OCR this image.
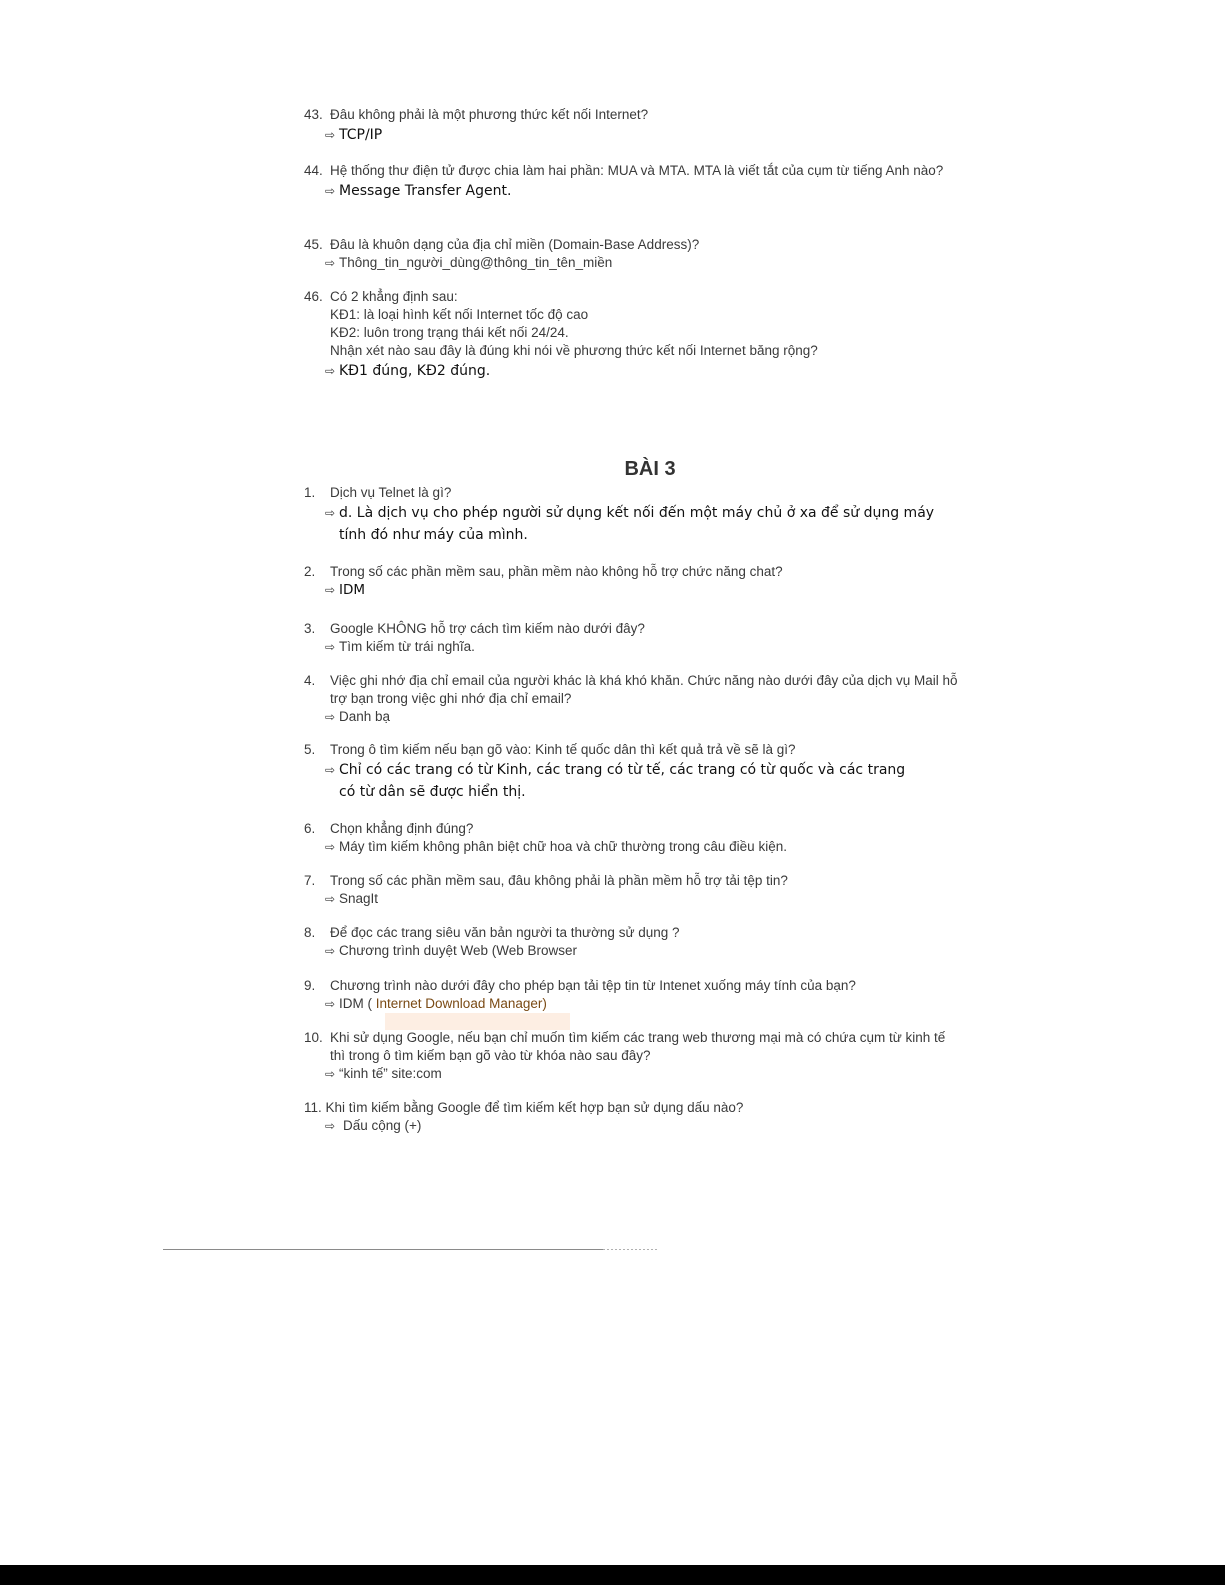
43. Đâu không phải là một phương thức kết nối Internet?
⇨ TCP/IP
44. Hệ thống thư điện tử được chia làm hai phần: MUA và MTA. MTA là viết tắt của cụm từ tiếng Anh nào?
⇨ Message Transfer Agent.
45. Đâu là khuôn dạng của địa chỉ miền (Domain-Base Address)?
⇨ Thông_tin_người_dùng@thông_tin_tên_miền
46. Có 2 khẳng định sau:
KĐ1: là loại hình kết nối Internet tốc độ cao
KĐ2: luôn trong trạng thái kết nối 24/24.
Nhận xét nào sau đây là đúng khi nói về phương thức kết nối Internet băng rộng?
⇨ KĐ1 đúng, KĐ2 đúng.
BÀI 3
1. Dịch vụ Telnet là gì?
⇨ d. Là dịch vụ cho phép người sử dụng kết nối đến một máy chủ ở xa để sử dụng máy tính đó như máy của mình.
2. Trong số các phần mềm sau, phần mềm nào không hỗ trợ chức năng chat?
⇨ IDM
3. Google KHÔNG hỗ trợ cách tìm kiếm nào dưới đây?
⇨ Tìm kiếm từ trái nghĩa.
4. Việc ghi nhớ địa chỉ email của người khác là khá khó khăn. Chức năng nào dưới đây của dịch vụ Mail hỗ trợ bạn trong việc ghi nhớ địa chỉ email?
⇨ Danh bạ
5. Trong ô tìm kiếm nếu bạn gõ vào: Kinh tế quốc dân thì kết quả trả về sẽ là gì?
⇨ Chỉ có các trang có từ Kinh, các trang có từ tế, các trang có từ quốc và các trang có từ dân sẽ được hiển thị.
6. Chọn khẳng định đúng?
⇨ Máy tìm kiếm không phân biệt chữ hoa và chữ thường trong câu điều kiện.
7. Trong số các phần mềm sau, đâu không phải là phần mềm hỗ trợ tải tệp tin?
⇨ SnagIt
8. Để đọc các trang siêu văn bản người ta thường sử dụng ?
⇨ Chương trình duyệt Web (Web Browser
9. Chương trình nào dưới đây cho phép bạn tải tệp tin từ Intenet xuống máy tính của bạn?
⇨ IDM ( Internet Download Manager)
10. Khi sử dụng Google, nếu bạn chỉ muốn tìm kiếm các trang web thương mại mà có chứa cụm từ kinh tế thì trong ô tìm kiếm bạn gõ vào từ khóa nào sau đây?
⇨ “kinh tế” site:com
11. Khi tìm kiếm bằng Google để tìm kiếm kết hợp bạn sử dụng dấu nào?
⇨ Dấu cộng (+)
